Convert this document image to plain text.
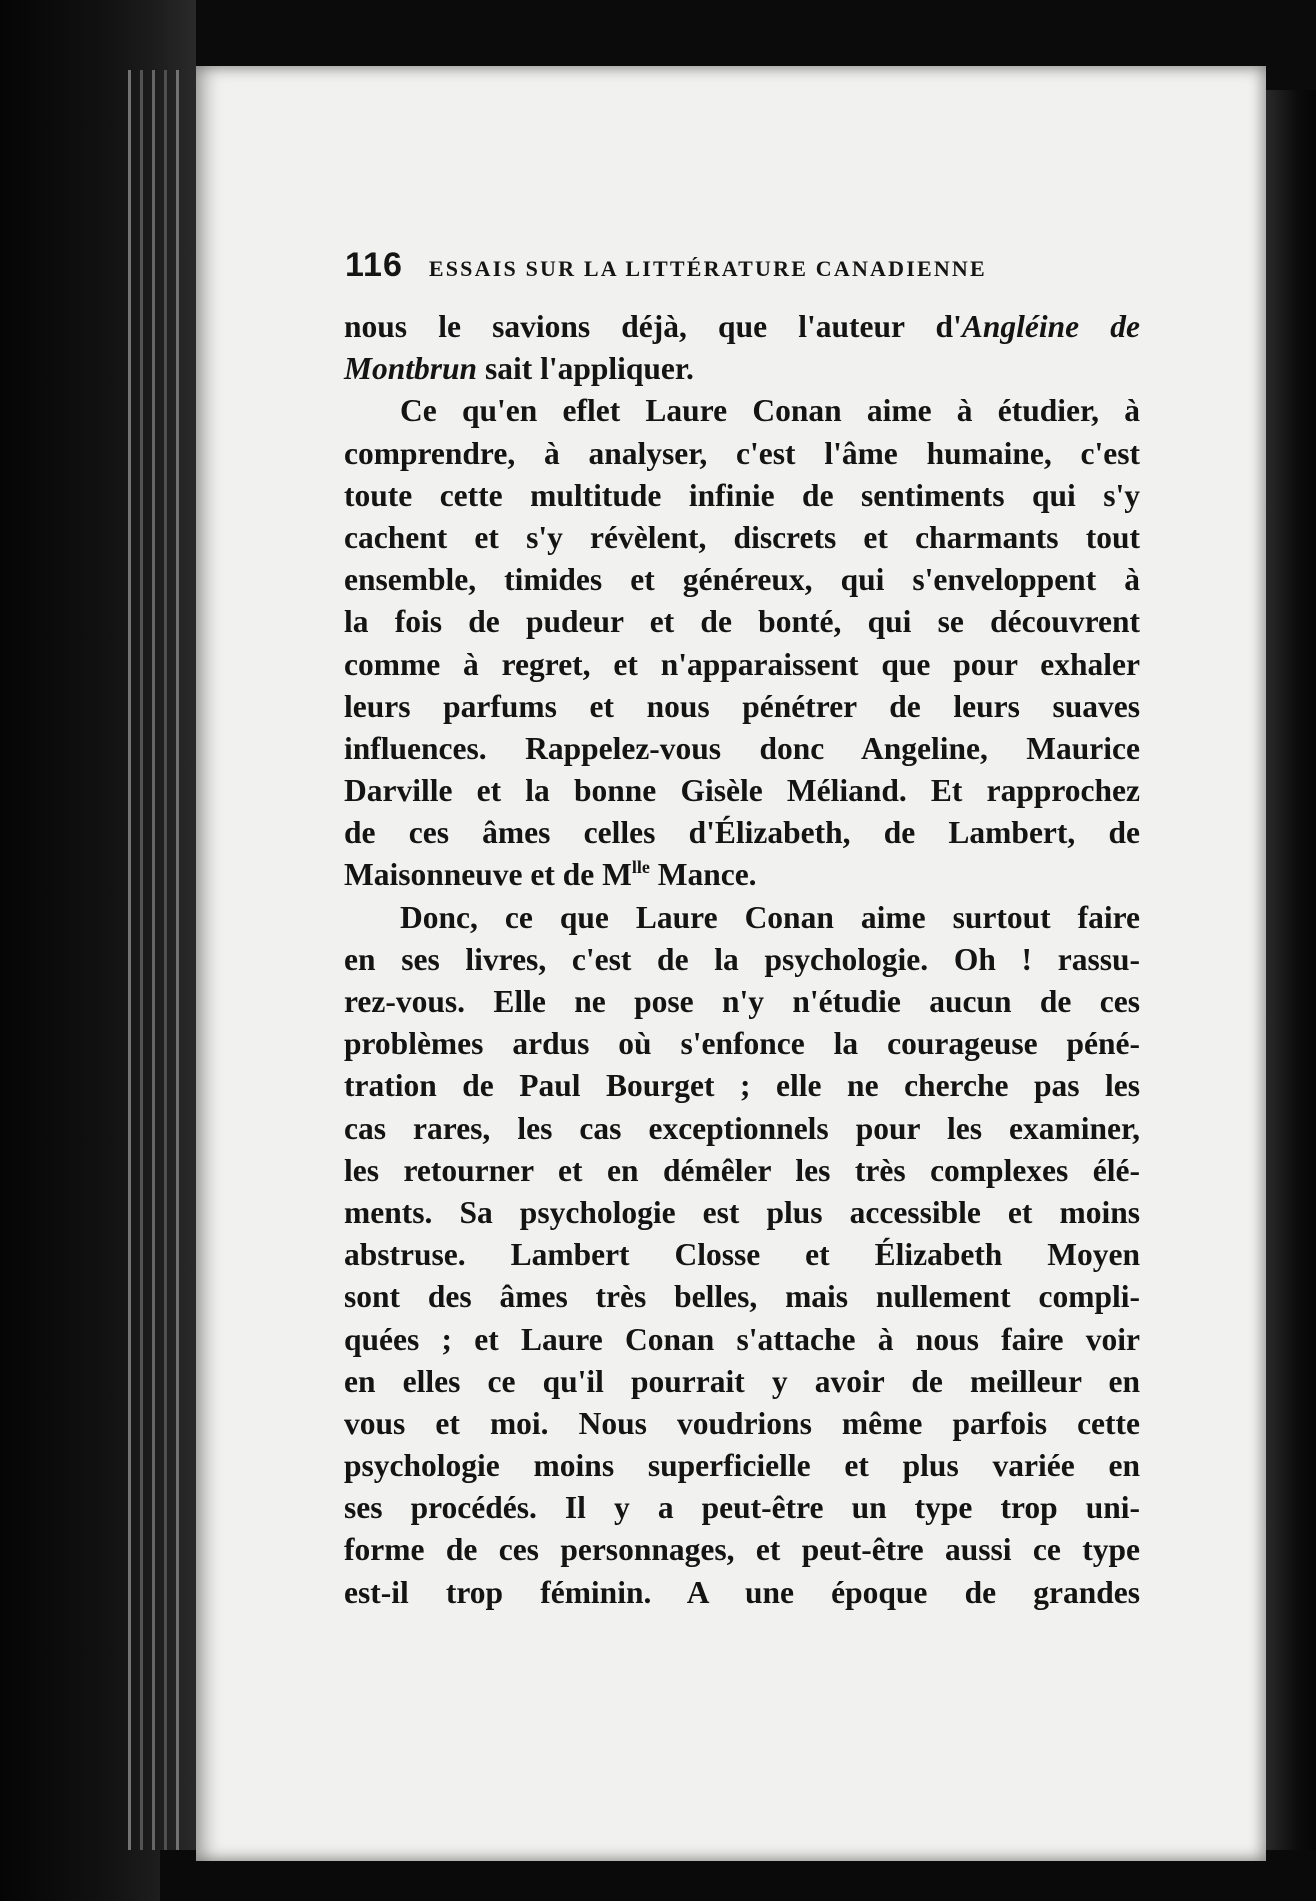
116 ESSAIS SUR LA LITTÉRATURE CANADIENNE
nous le savions déjà, que l'auteur d'Angléine de
Montbrun sait l'appliquer.
Ce qu'en eflet Laure Conan aime à étudier, à
comprendre, à analyser, c'est l'âme humaine, c'est
toute cette multitude infinie de sentiments qui s'y
cachent et s'y révèlent, discrets et charmants tout
ensemble, timides et généreux, qui s'enveloppent à
la fois de pudeur et de bonté, qui se découvrent
comme à regret, et n'apparaissent que pour exhaler
leurs parfums et nous pénétrer de leurs suaves
influences. Rappelez-vous donc Angeline, Maurice
Darville et la bonne Gisèle Méliand. Et rapprochez
de ces âmes celles d'Élizabeth, de Lambert, de
Maisonneuve et de $M^{lle}$ Mance.
Donc, ce que Laure Conan aime surtout faire
en ses livres, c'est de la psychologie. Oh ! rassu-
rez-vous. Elle ne pose n'y n'étudie aucun de ces
problèmes ardus où s'enfonce la courageuse péné-
tration de Paul Bourget ; elle ne cherche pas les
cas rares, les cas exceptionnels pour les examiner,
les retourner et en démêler les très complexes élé-
ments. Sa psychologie est plus accessible et moins
abstruse. Lambert Closse et Élizabeth Moyen
sont des âmes très belles, mais nullement compli-
quées ; et Laure Conan s'attache à nous faire voir
en elles ce qu'il pourrait y avoir de meilleur en
vous et moi. Nous voudrions même parfois cette
psychologie moins superficielle et plus variée en
ses procédés. Il y a peut-être un type trop uni-
forme de ces personnages, et peut-être aussi ce type
est-il trop féminin. A une époque de grandes
